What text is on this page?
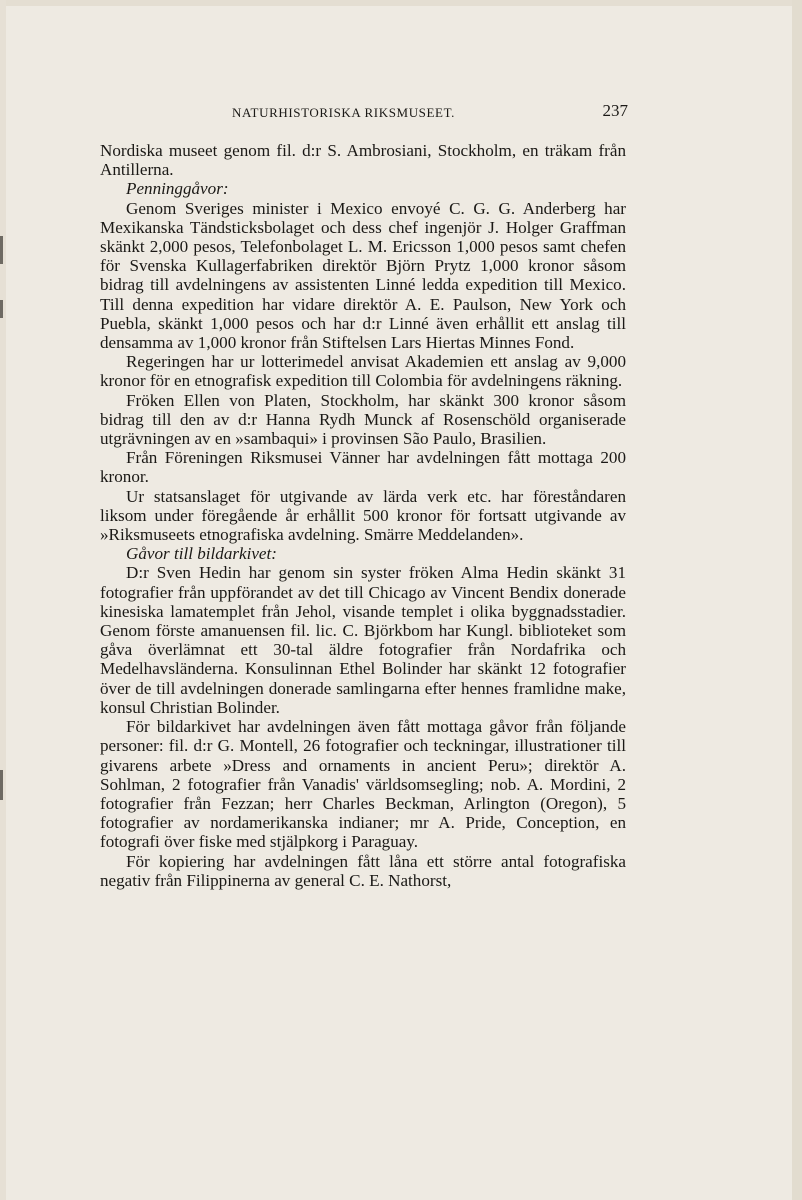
NATURHISTORISKA RIKSMUSEET.	237

Nordiska museet genom fil. d:r S. Ambrosiani, Stockholm, en träkam från Antillerna.

Penninggåvor:

Genom Sveriges minister i Mexico envoyé C. G. G. Anderberg har Mexikanska Tändsticksbolaget och dess chef ingenjör J. Holger Graffman skänkt 2,000 pesos, Telefonbolaget L. M. Ericsson 1,000 pesos samt chefen för Svenska Kullagerfabriken direktör Björn Prytz 1,000 kronor såsom bidrag till avdelningens av assistenten Linné ledda expedition till Mexico. Till denna expedition har vidare direktör A. E. Paulson, New York och Puebla, skänkt 1,000 pesos och har d:r Linné även erhållit ett anslag till densamma av 1,000 kronor från Stiftelsen Lars Hiertas Minnes Fond.

Regeringen har ur lotterimedel anvisat Akademien ett anslag av 9,000 kronor för en etnografisk expedition till Colombia för avdelningens räkning.

Fröken Ellen von Platen, Stockholm, har skänkt 300 kronor såsom bidrag till den av d:r Hanna Rydh Munck af Rosenschöld organiserade utgrävningen av en »sambaqui» i provinsen São Paulo, Brasilien.

Från Föreningen Riksmusei Vänner har avdelningen fått mottaga 200 kronor.

Ur statsanslaget för utgivande av lärda verk etc. har föreståndaren liksom under föregående år erhållit 500 kronor för fortsatt utgivande av »Riksmuseets etnografiska avdelning. Smärre Meddelanden».

Gåvor till bildarkivet:

D:r Sven Hedin har genom sin syster fröken Alma Hedin skänkt 31 fotografier från uppförandet av det till Chicago av Vincent Bendix donerade kinesiska lamatemplet från Jehol, visande templet i olika byggnadsstadier. Genom förste amanuensen fil. lic. C. Björkbom har Kungl. biblioteket som gåva överlämnat ett 30-tal äldre fotografier från Nordafrika och Medelhavsländerna. Konsulinnan Ethel Bolinder har skänkt 12 fotografier över de till avdelningen donerade samlingarna efter hennes framlidne make, konsul Christian Bolinder.

För bildarkivet har avdelningen även fått mottaga gåvor från följande personer: fil. d:r G. Montell, 26 fotografier och teckningar, illustrationer till givarens arbete »Dress and ornaments in ancient Peru»; direktör A. Sohlman, 2 fotografier från Vanadis' världsomsegling; nob. A. Mordini, 2 fotografier från Fezzan; herr Charles Beckman, Arlington (Oregon), 5 fotografier av nordamerikanska indianer; mr A. Pride, Conception, en fotografi över fiske med stjälpkorg i Paraguay.

För kopiering har avdelningen fått låna ett större antal fotografiska negativ från Filippinerna av general C. E. Nathorst,
